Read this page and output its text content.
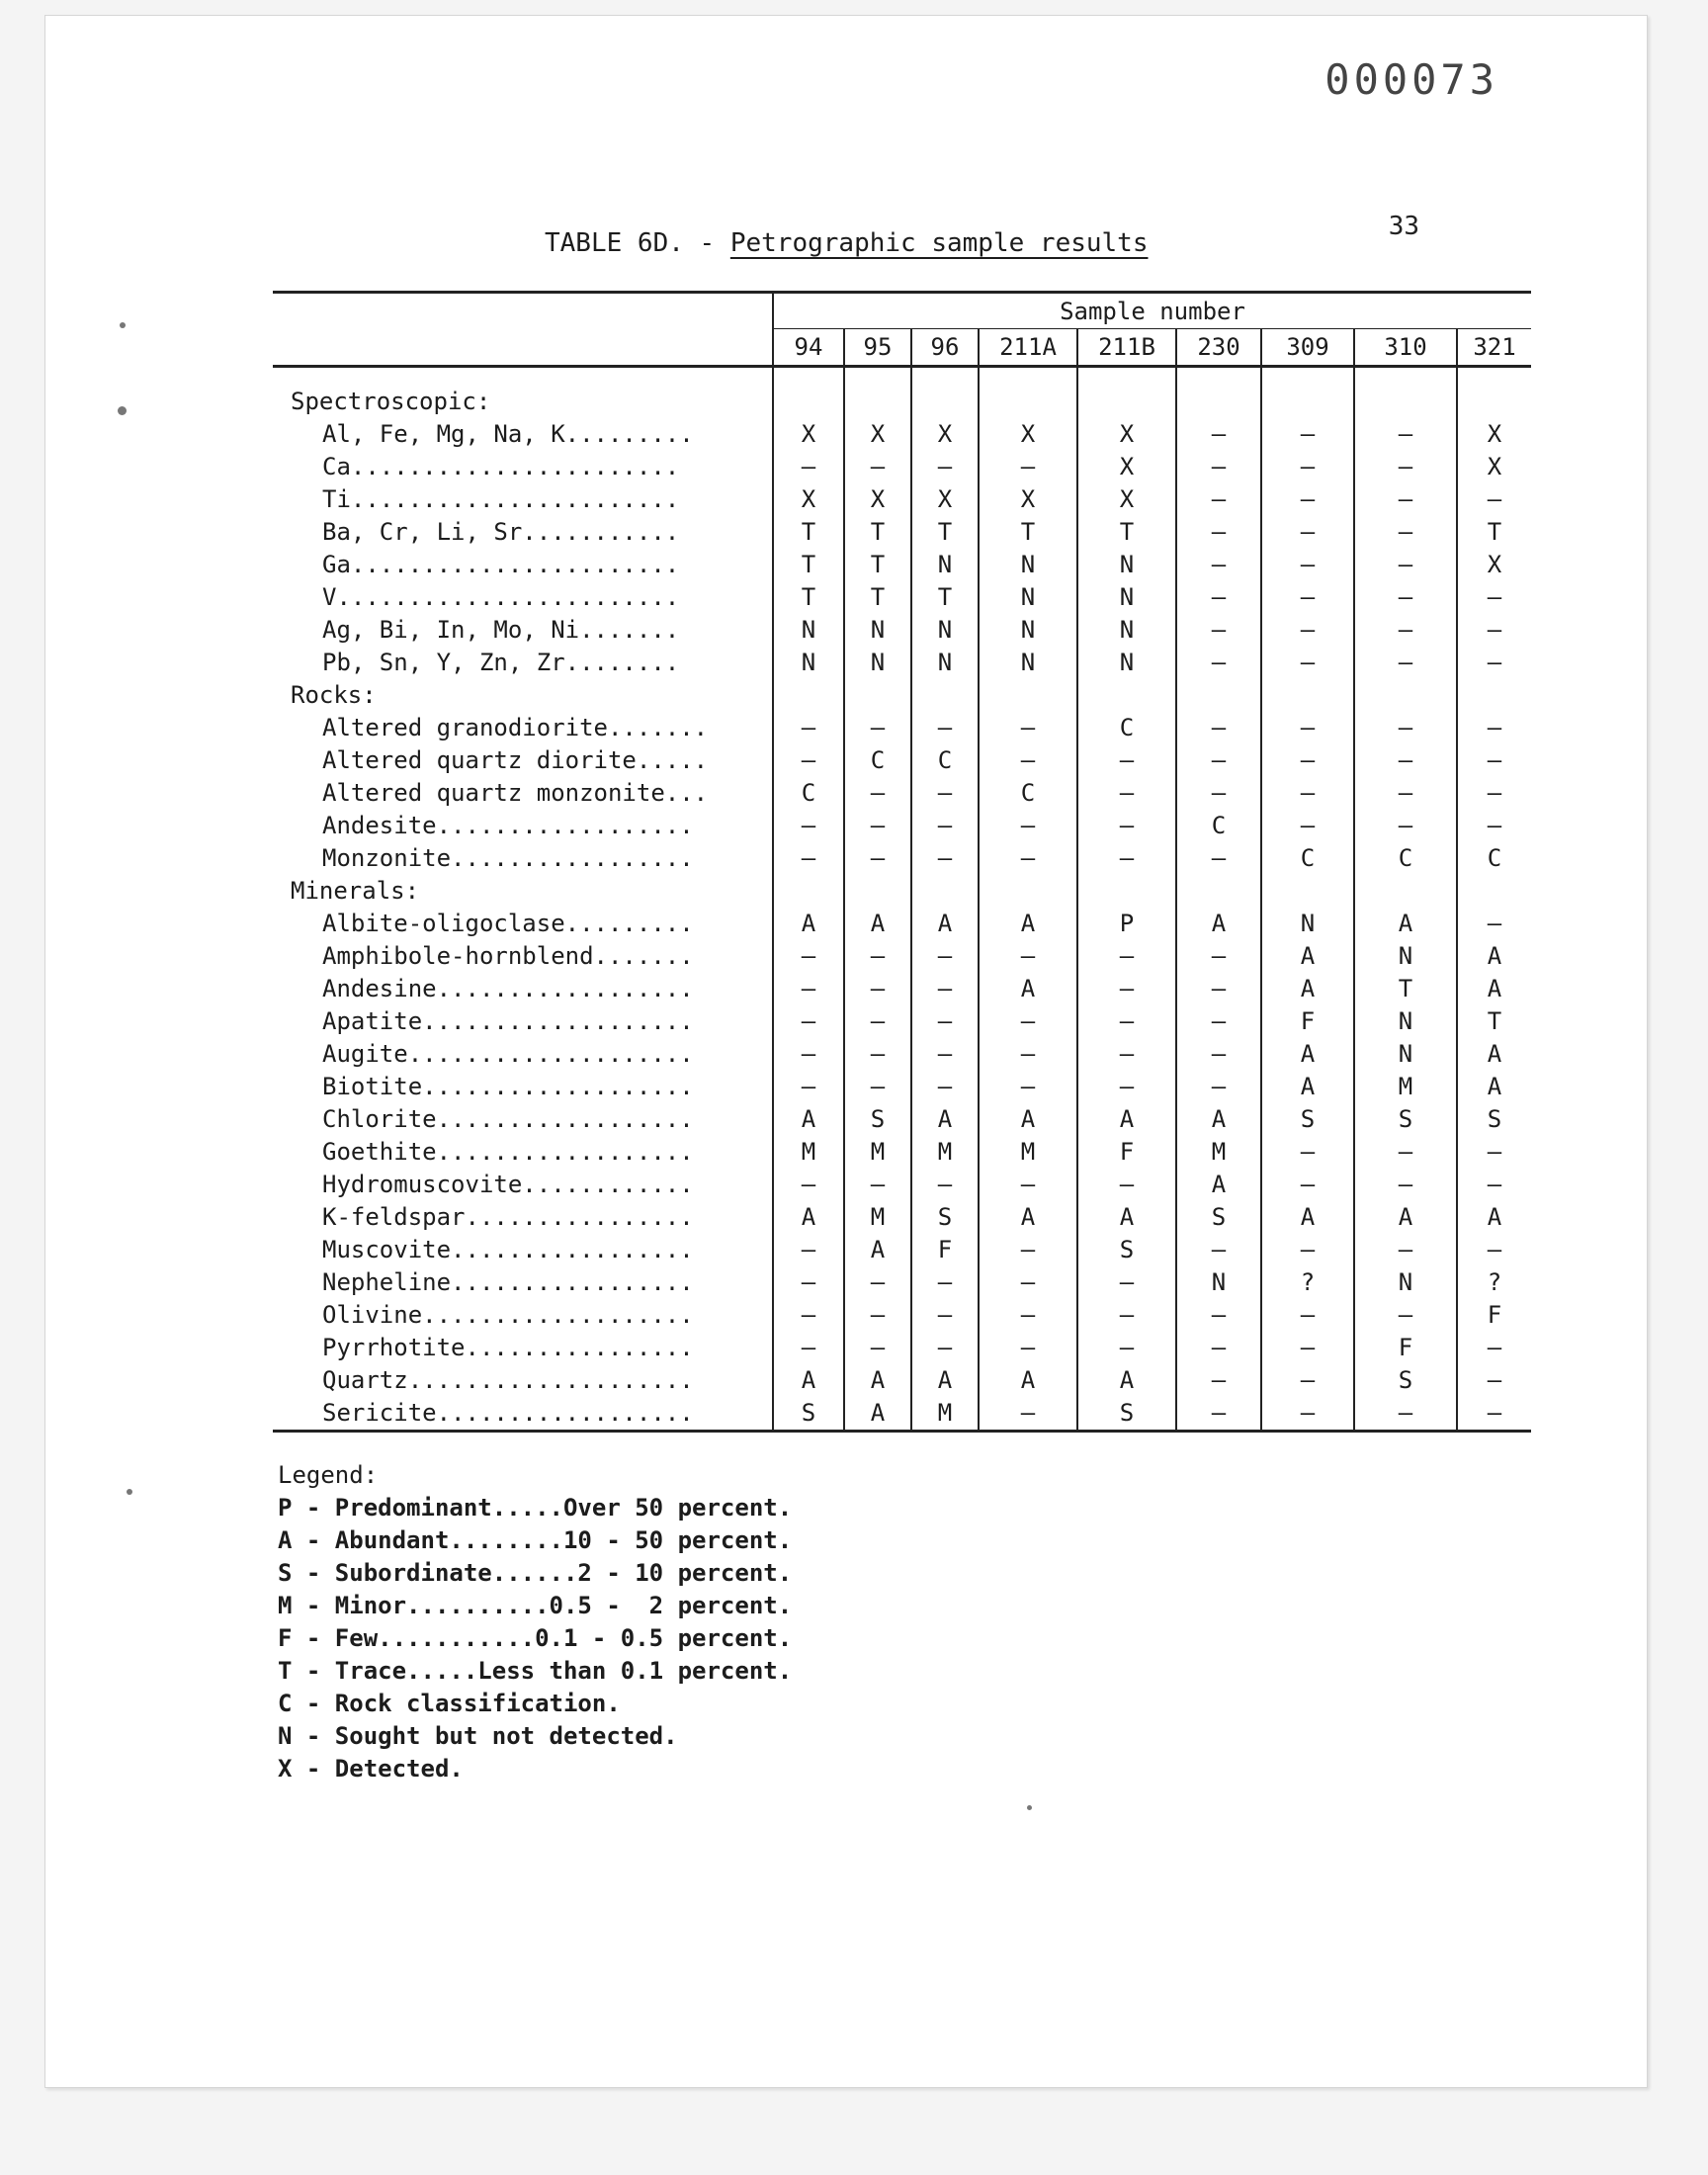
000073
33
TABLE 6D. - Petrographic sample results
	Sample number								
	94	95	96	211A	211B	230	309	310	321
Spectroscopic:									
Al, Fe, Mg, Na, K.........	X	X	X	X	X	–	–	–	X
Ca.......................	–	–	–	–	X	–	–	–	X
Ti.......................	X	X	X	X	X	–	–	–	–
Ba, Cr, Li, Sr...........	T	T	T	T	T	–	–	–	T
Ga.......................	T	T	N	N	N	–	–	–	X
V........................	T	T	T	N	N	–	–	–	–
Ag, Bi, In, Mo, Ni.......	N	N	N	N	N	–	–	–	–
Pb, Sn, Y, Zn, Zr........	N	N	N	N	N	–	–	–	–
Rocks:									
Altered granodiorite.......	–	–	–	–	C	–	–	–	–
Altered quartz diorite.....	–	C	C	–	–	–	–	–	–
Altered quartz monzonite...	C	–	–	C	–	–	–	–	–
Andesite..................	–	–	–	–	–	C	–	–	–
Monzonite.................	–	–	–	–	–	–	C	C	C
Minerals:									
Albite-oligoclase.........	A	A	A	A	P	A	N	A	–
Amphibole-hornblend.......	–	–	–	–	–	–	A	N	A
Andesine..................	–	–	–	A	–	–	A	T	A
Apatite...................	–	–	–	–	–	–	F	N	T
Augite....................	–	–	–	–	–	–	A	N	A
Biotite...................	–	–	–	–	–	–	A	M	A
Chlorite..................	A	S	A	A	A	A	S	S	S
Goethite..................	M	M	M	M	F	M	–	–	–
Hydromuscovite............	–	–	–	–	–	A	–	–	–
K-feldspar................	A	M	S	A	A	S	A	A	A
Muscovite.................	–	A	F	–	S	–	–	–	–
Nepheline.................	–	–	–	–	–	N	?	N	?
Olivine...................	–	–	–	–	–	–	–	–	F
Pyrrhotite................	–	–	–	–	–	–	–	F	–
Quartz....................	A	A	A	A	A	–	–	S	–
Sericite..................	S	A	M	–	S	–	–	–	–
Legend:
P - Predominant.....Over 50 percent.
A - Abundant........10 - 50 percent.
S - Subordinate......2 - 10 percent.
M - Minor..........0.5 -  2 percent.
F - Few...........0.1 - 0.5 percent.
T - Trace.....Less than 0.1 percent.
C - Rock classification.
N - Sought but not detected.
X - Detected.
